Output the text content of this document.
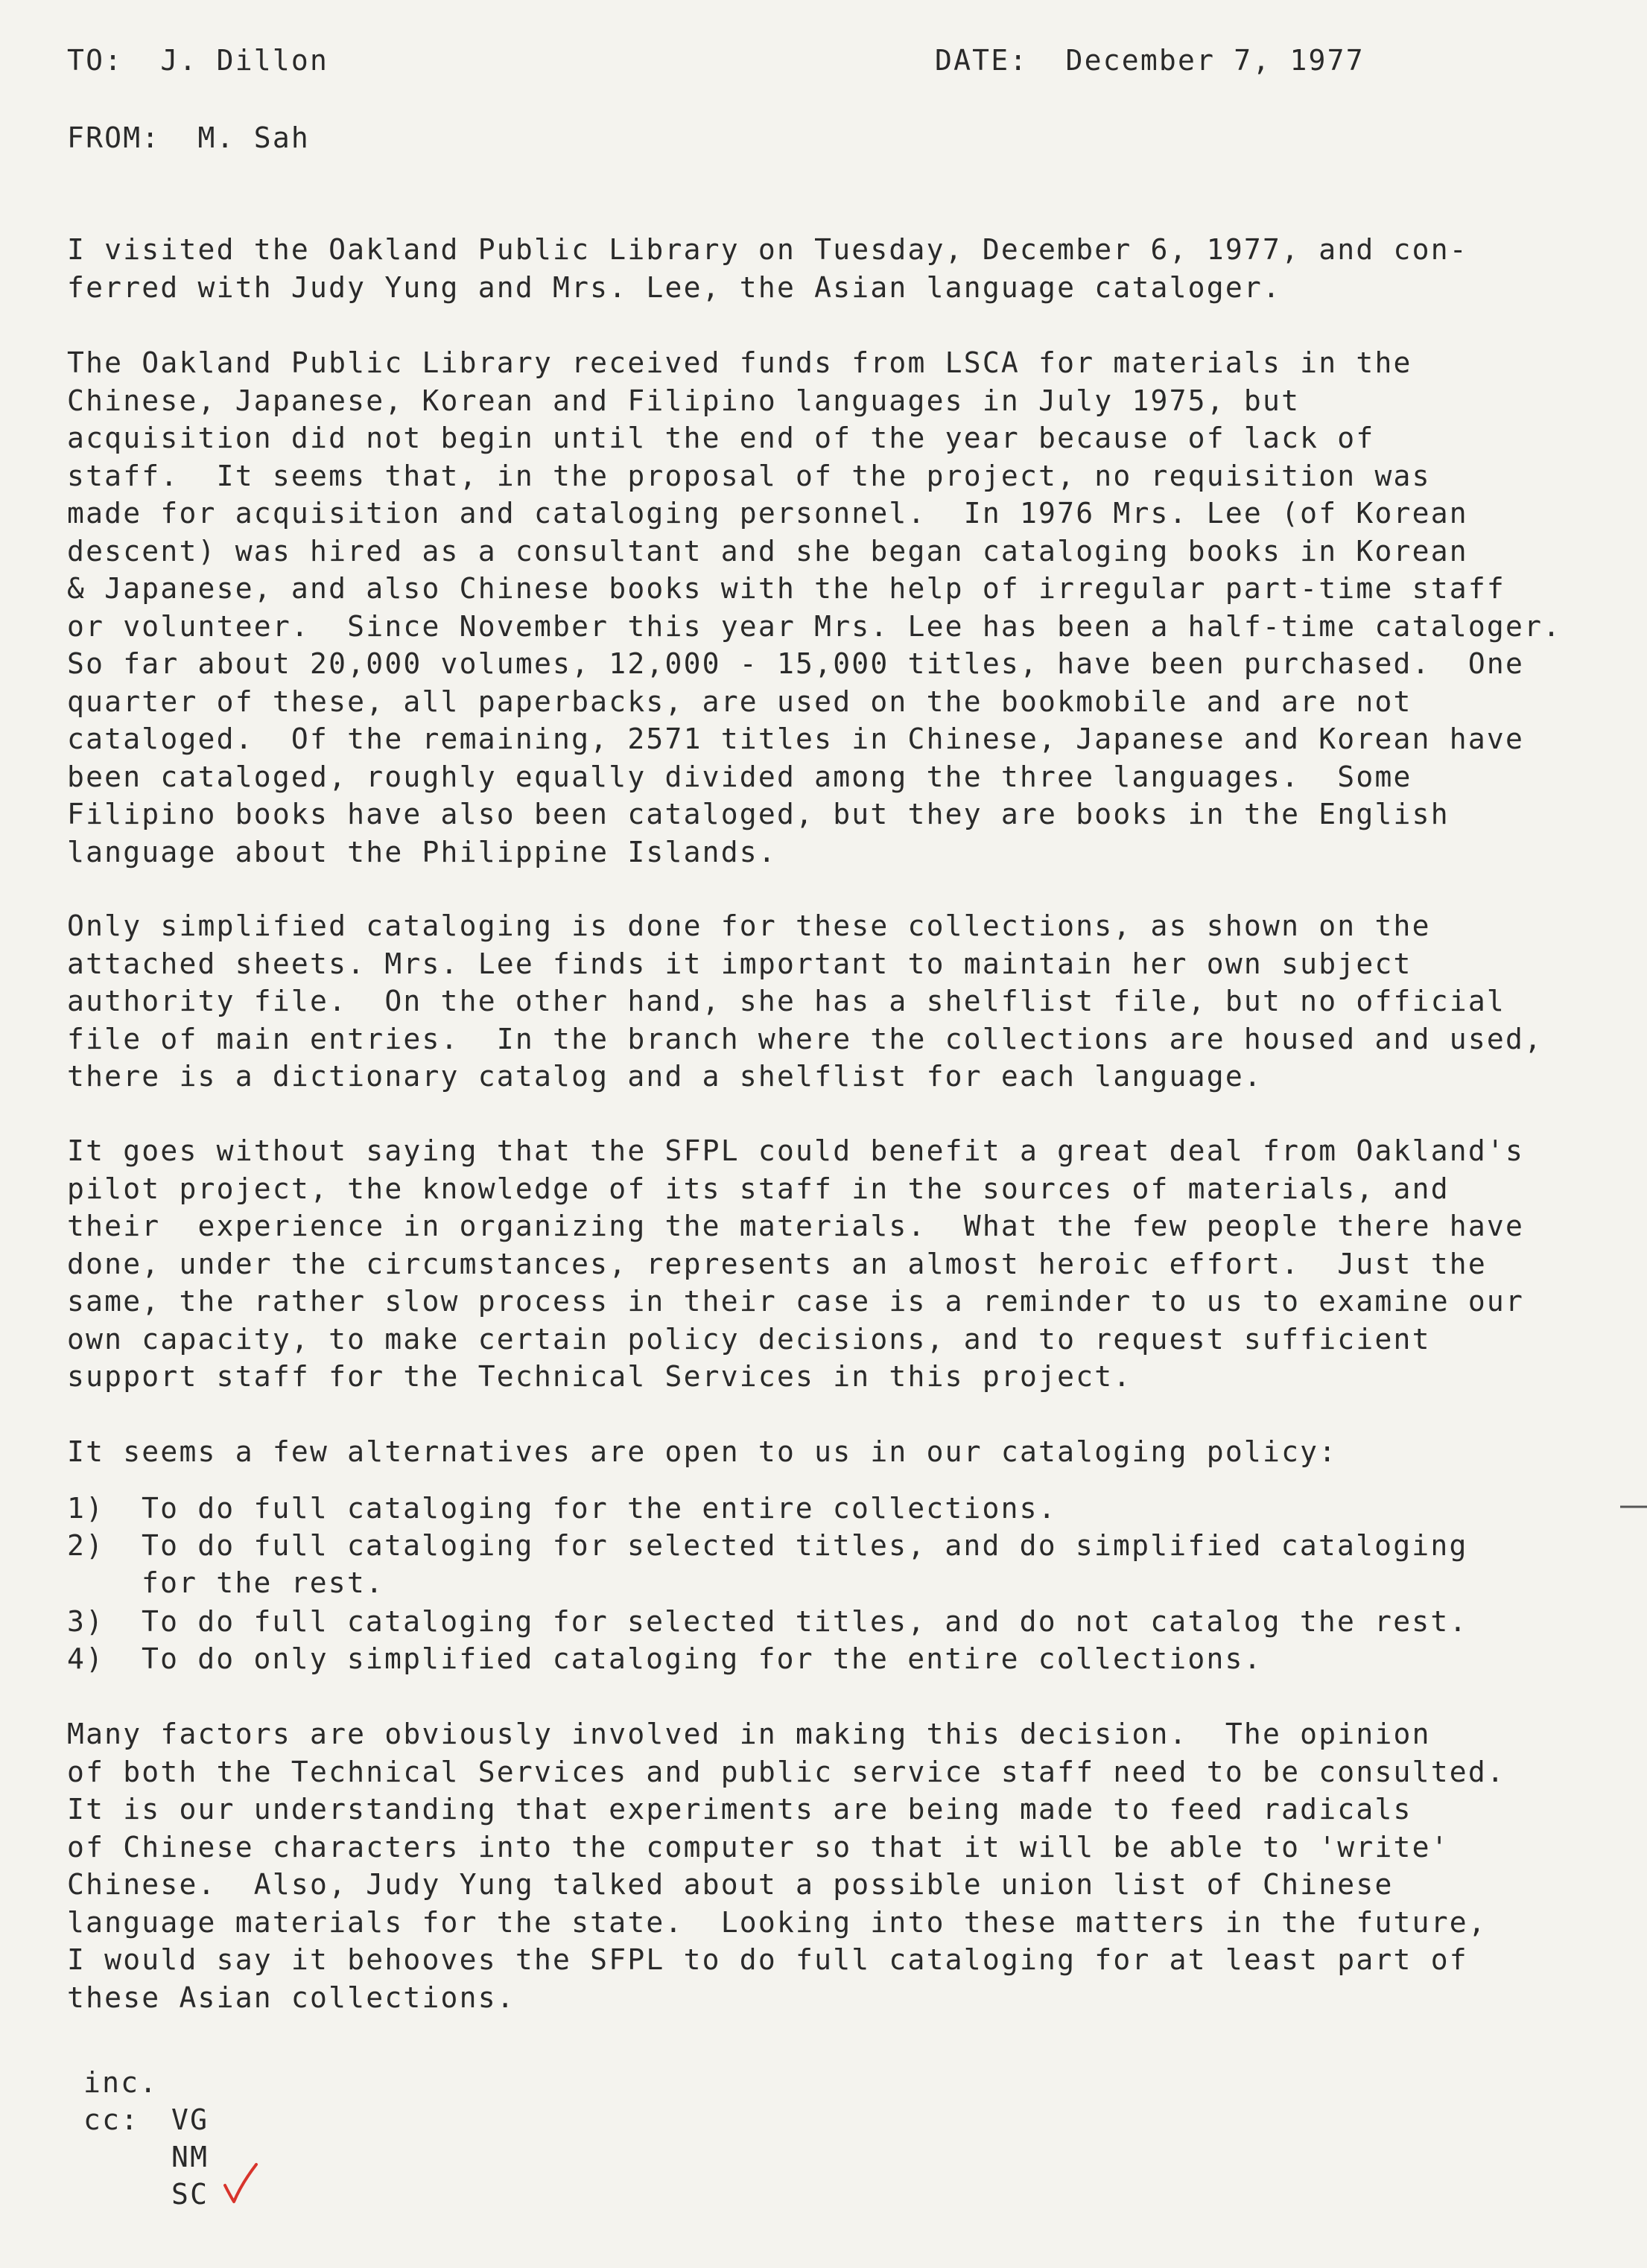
TO: J. Dillon	DATE: December 7, 1977
FROM: M. Sah

I visited the Oakland Public Library on Tuesday, December 6, 1977, and con-

ferred with Judy Yung and Mrs. Lee, the Asian language cataloger.

The Oakland Public Library received funds from LSCA for materials in the

Chinese, Japanese, Korean and Filipino languages in July 1975, but

acquisition did not begin until the end of the year because of lack of

staff.  It seems that, in the proposal of the project, no requisition was

made for acquisition and cataloging personnel.  In 1976 Mrs. Lee (of Korean

descent) was hired as a consultant and she began cataloging books in Korean

& Japanese, and also Chinese books with the help of irregular part-time staff

or volunteer.  Since November this year Mrs. Lee has been a half-time cataloger.

So far about 20,000 volumes, 12,000 - 15,000 titles, have been purchased.  One

quarter of these, all paperbacks, are used on the bookmobile and are not

cataloged.  Of the remaining, 2571 titles in Chinese, Japanese and Korean have

been cataloged, roughly equally divided among the three languages.  Some

Filipino books have also been cataloged, but they are books in the English

language about the Philippine Islands.

Only simplified cataloging is done for these collections, as shown on the

attached sheets. Mrs. Lee finds it important to maintain her own subject

authority file.  On the other hand, she has a shelflist file, but no official

file of main entries.  In the branch where the collections are housed and used,

there is a dictionary catalog and a shelflist for each language.

It goes without saying that the SFPL could benefit a great deal from Oakland's

pilot project, the knowledge of its staff in the sources of materials, and

their  experience in organizing the materials.  What the few people there have

done, under the circumstances, represents an almost heroic effort.  Just the

same, the rather slow process in their case is a reminder to us to examine our

own capacity, to make certain policy decisions, and to request sufficient

support staff for the Technical Services in this project.

It seems a few alternatives are open to us in our cataloging policy:

1) To do full cataloging for the entire collections.
2) To do full cataloging for selected titles, and do simplified cataloging
for the rest.
3) To do full cataloging for selected titles, and do not catalog the rest.
4) To do only simplified cataloging for the entire collections.

Many factors are obviously involved in making this decision.  The opinion

of both the Technical Services and public service staff need to be consulted.

It is our understanding that experiments are being made to feed radicals

of Chinese characters into the computer so that it will be able to 'write'

Chinese.  Also, Judy Yung talked about a possible union list of Chinese

language materials for the state.  Looking into these matters in the future,

I would say it behooves the SFPL to do full cataloging for at least part of

these Asian collections.

inc.
cc: VG
NM
SC
